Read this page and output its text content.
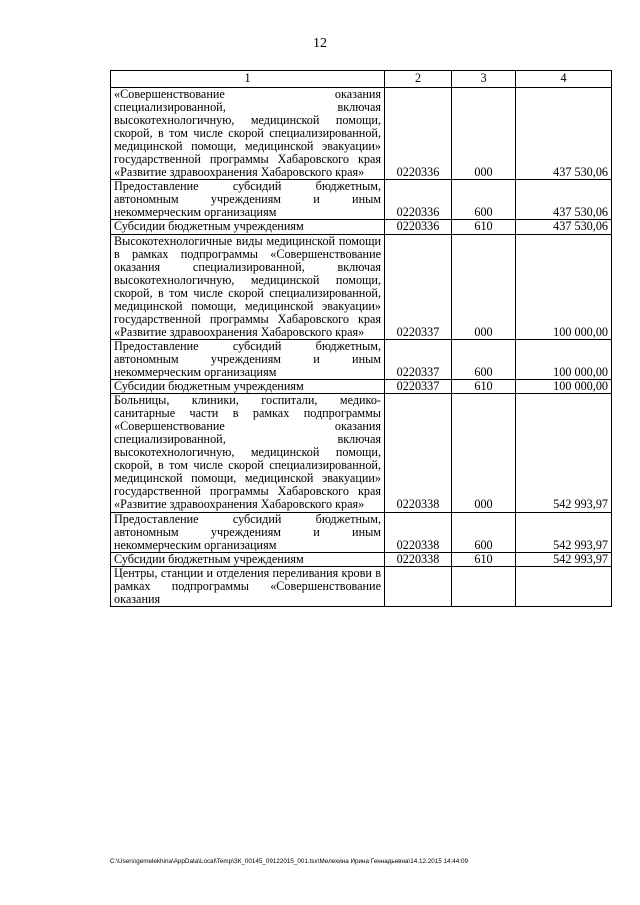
12
1	2	3	4
«Совершенствование оказания специализированной, включая высокотехнологичную, медицинской помощи, скорой, в том числе скорой специализированной, медицинской помощи, медицинской эвакуации» государственной программы Хабаровского края «Развитие здравоохранения Хабаровского края»	0220336	000	437 530,06
Предоставление субсидий бюджетным, автономным учреждениям и иным некоммерческим организациям	0220336	600	437 530,06
Субсидии бюджетным учреждениям	0220336	610	437 530,06
Высокотехнологичные виды медицинской помощи в рамках подпрограммы «Совершенствование оказания специализированной, включая высокотехнологичную, медицинской помощи, скорой, в том числе скорой специализированной, медицинской помощи, медицинской эвакуации» государственной программы Хабаровского края «Развитие здравоохранения Хабаровского края»	0220337	000	100 000,00
Предоставление субсидий бюджетным, автономным учреждениям и иным некоммерческим организациям	0220337	600	100 000,00
Субсидии бюджетным учреждениям	0220337	610	100 000,00
Больницы, клиники, госпитали, медико-санитарные части в рамках подпрограммы «Совершенствование оказания специализированной, включая высокотехнологичную, медицинской помощи, скорой, в том числе скорой специализированной, медицинской помощи, медицинской эвакуации» государственной программы Хабаровского края «Развитие здравоохранения Хабаровского края»	0220338	000	542 993,97
Предоставление субсидий бюджетным, автономным учреждениям и иным некоммерческим организациям	0220338	600	542 993,97
Субсидии бюджетным учреждениям	0220338	610	542 993,97
Центры, станции и отделения переливания крови в рамках подпрограммы «Совершенствование оказания			
C:\Users\gemelekhina\AppData\Local\Temp\ЗК_00145_09122015_001.tsx\Мелехина Ирина Геннадьевна\14.12.2015 14:44:09
